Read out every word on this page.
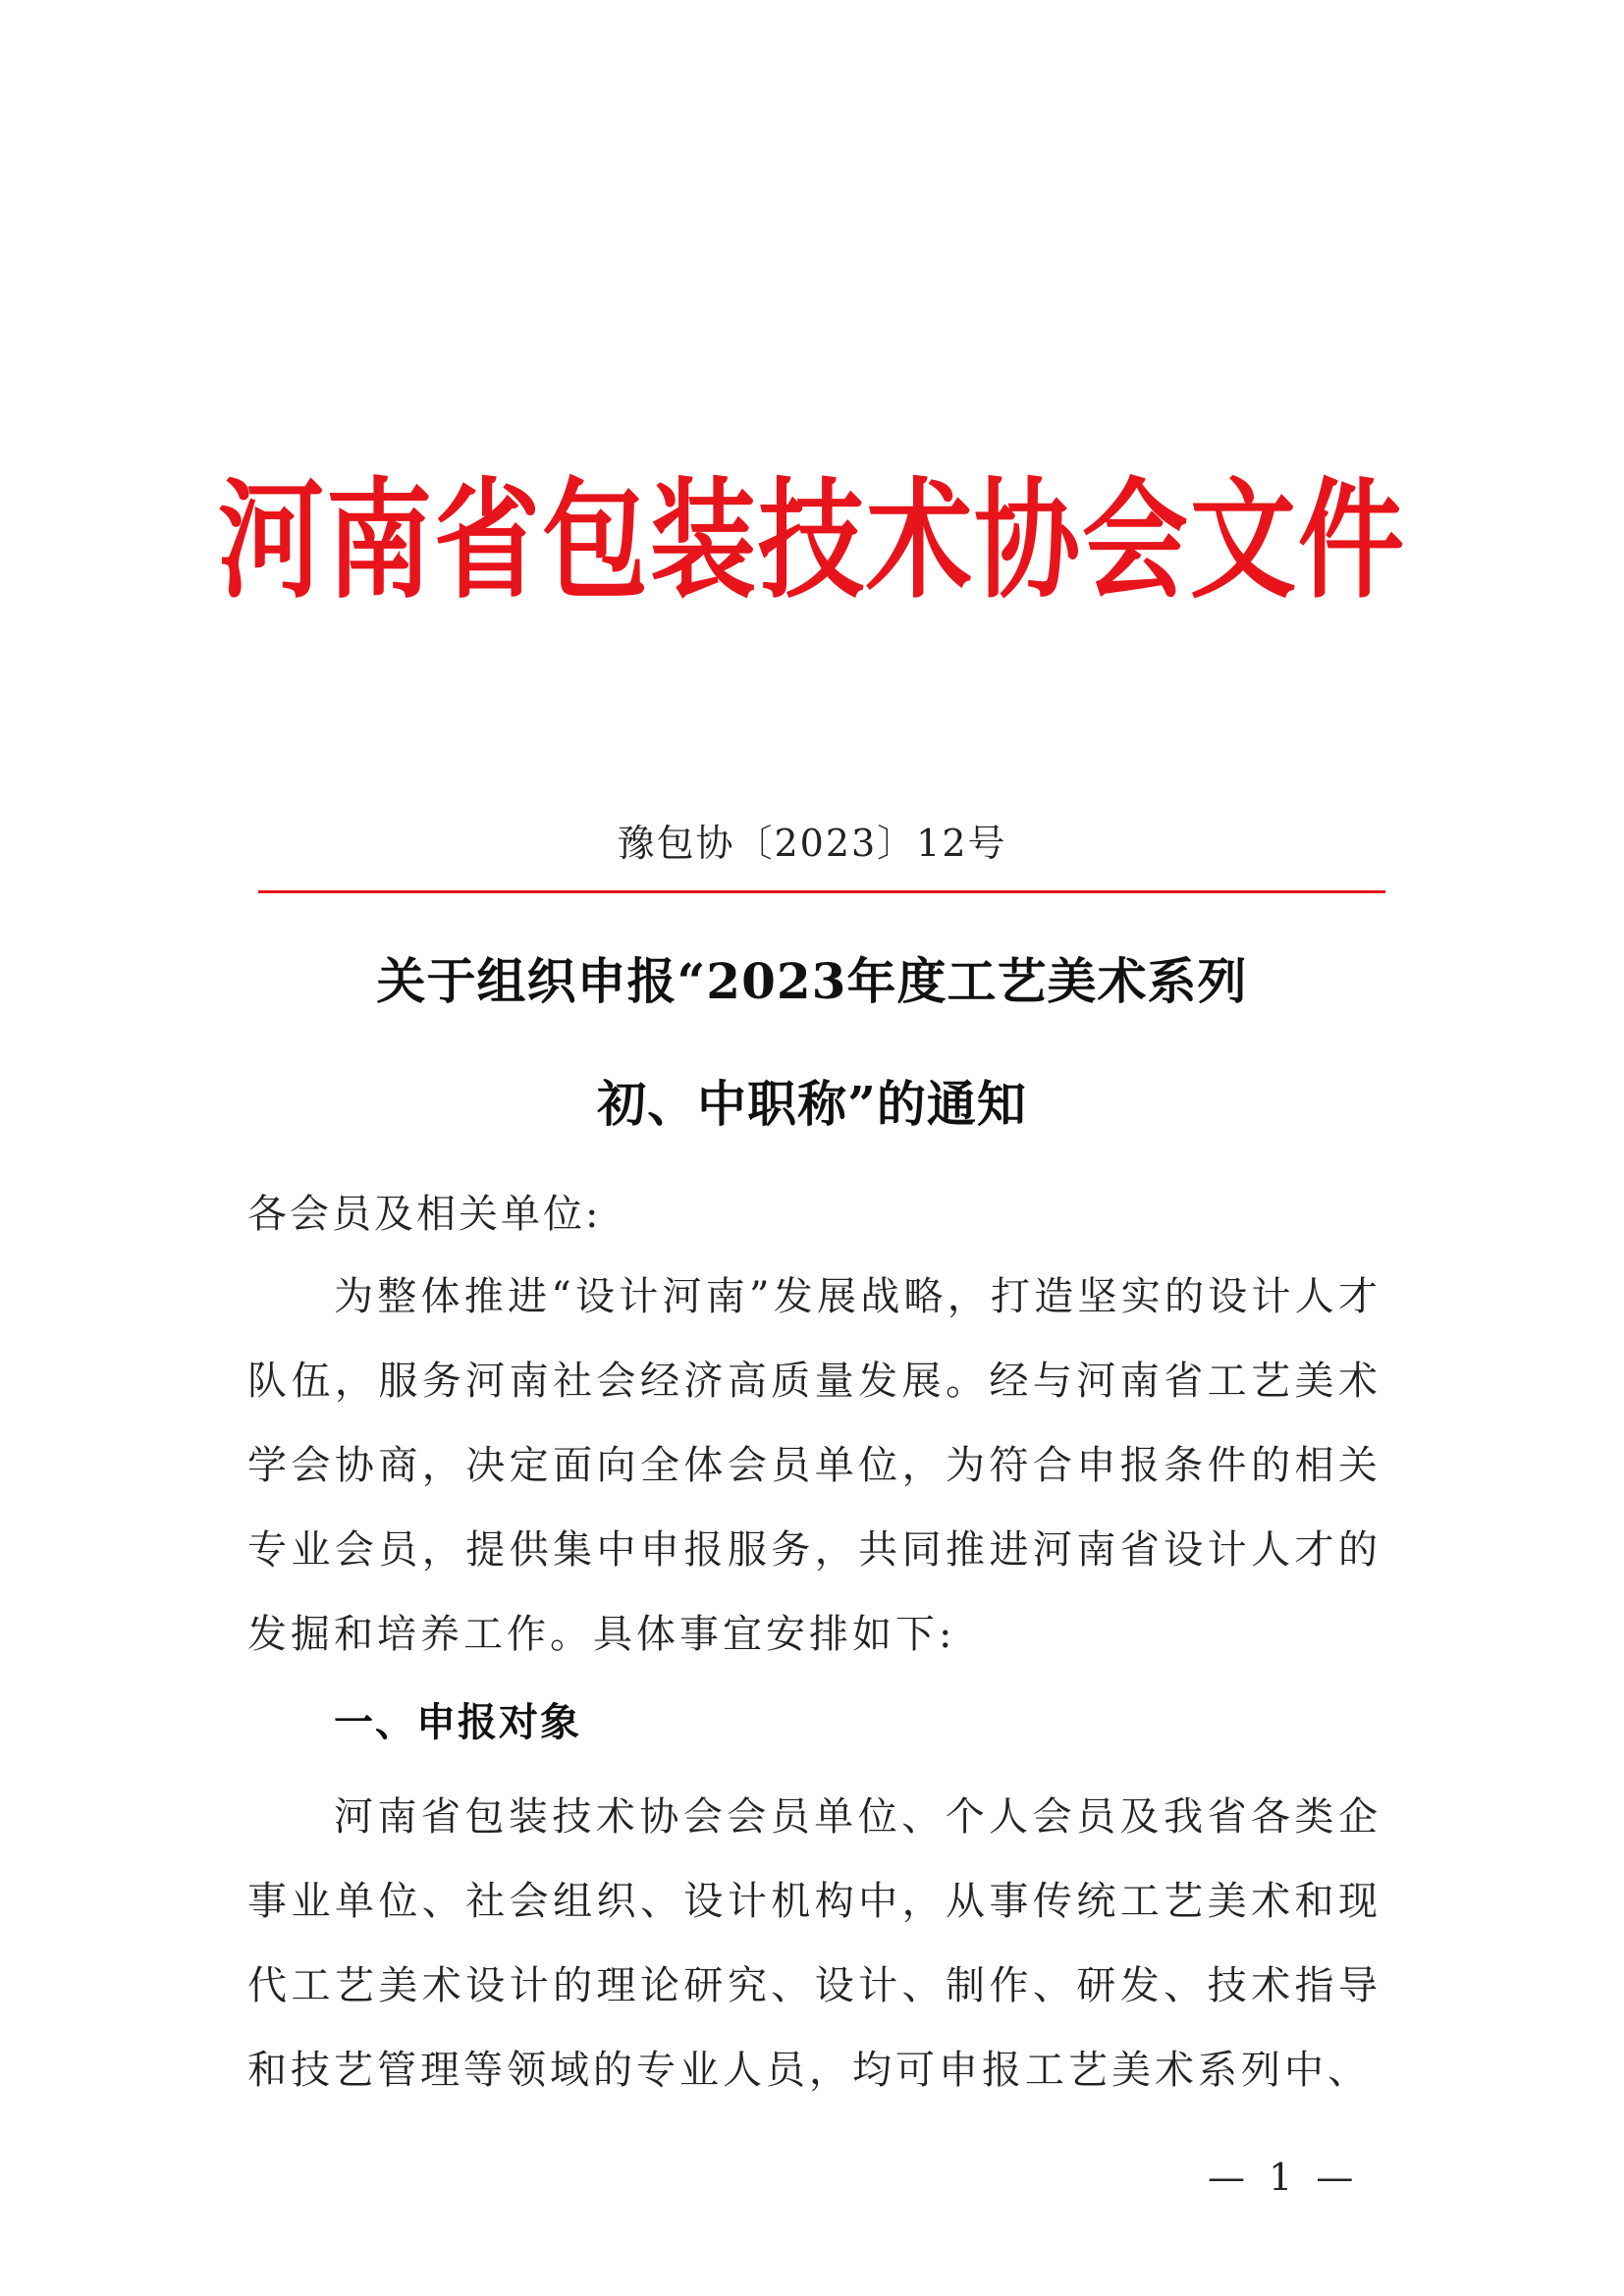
河南省包装技术协会文件
豫包协〔2023〕12号
关于组织申报“2023年度工艺美术系列
初、中职称”的通知
各会员及相关单位:
为整体推进“设计河南”发展战略，打造坚实的设计人才队伍，服务河南社会经济高质量发展。经与河南省工艺美术学会协商，决定面向全体会员单位，为符合申报条件的相关专业会员，提供集中申报服务，共同推进河南省设计人才的发掘和培养工作。具体事宜安排如下:
一、申报对象
河南省包装技术协会会员单位、个人会员及我省各类企事业单位、社会组织、设计机构中，从事传统工艺美术和现代工艺美术设计的理论研究、设计、制作、研发、技术指导和技艺管理等领域的专业人员，均可申报工艺美术系列中、
— 1 —
